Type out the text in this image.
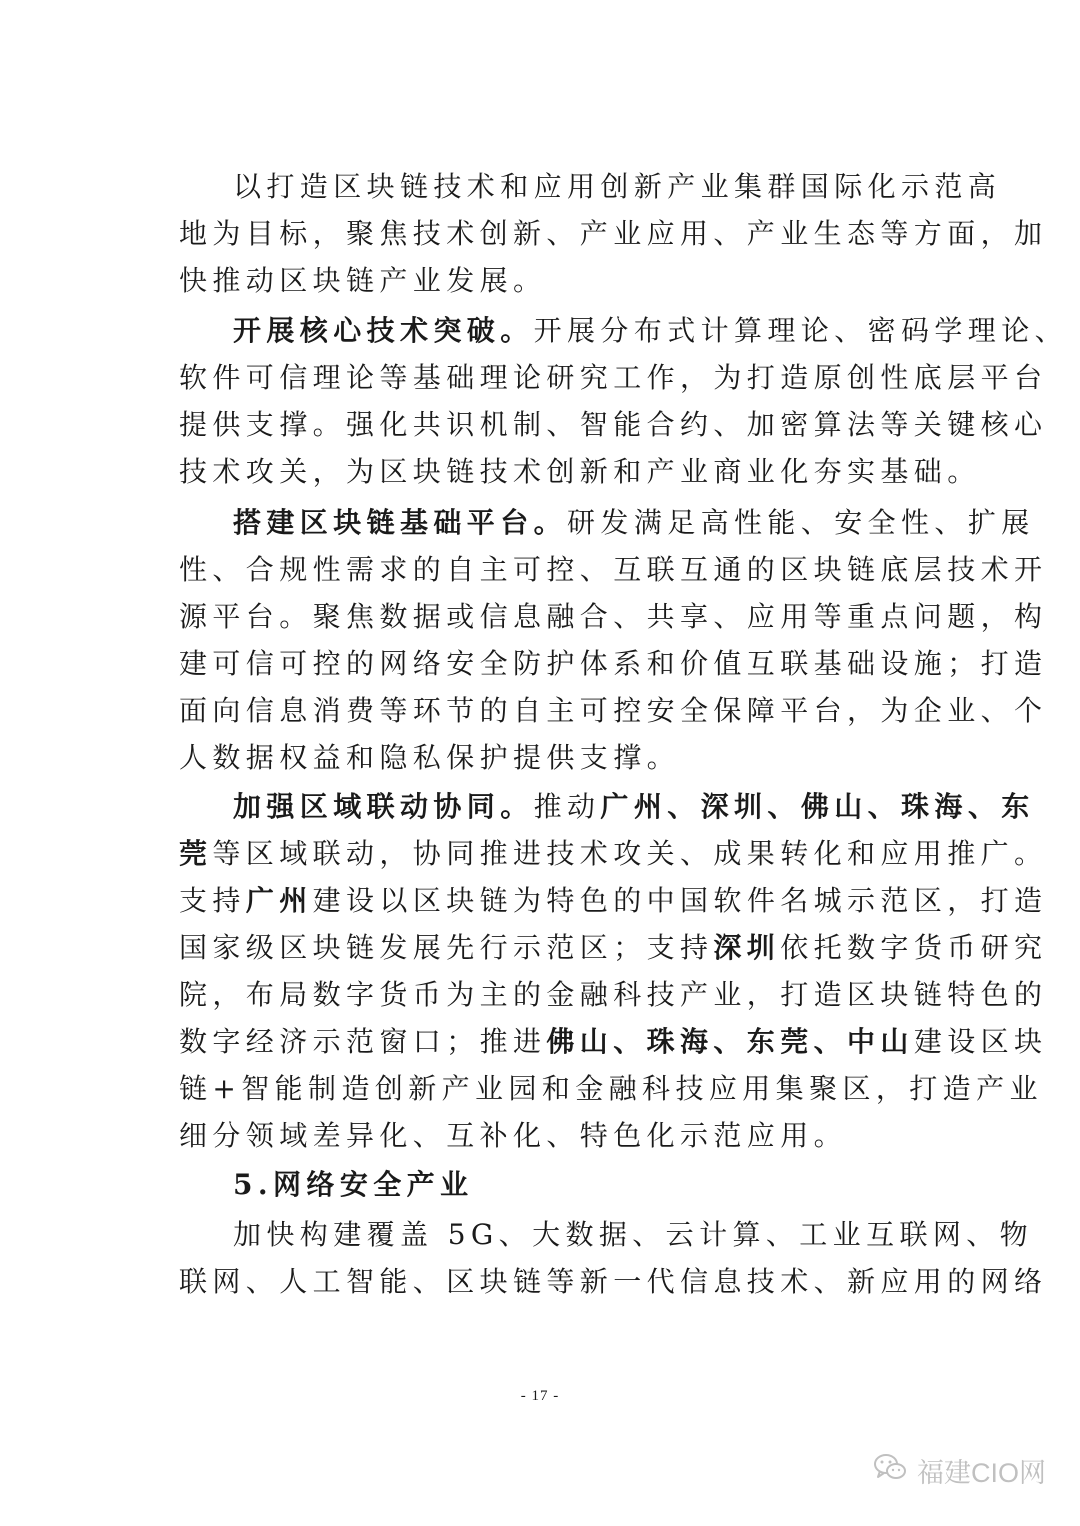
以打造区块链技术和应用创新产业集群国际化示范高
地为目标，聚焦技术创新、产业应用、产业生态等方面，加
快推动区块链产业发展。
开展核心技术突破。开展分布式计算理论、密码学理论、
软件可信理论等基础理论研究工作，为打造原创性底层平台
提供支撑。强化共识机制、智能合约、加密算法等关键核心
技术攻关，为区块链技术创新和产业商业化夯实基础。
搭建区块链基础平台。研发满足高性能、安全性、扩展
性、合规性需求的自主可控、互联互通的区块链底层技术开
源平台。聚焦数据或信息融合、共享、应用等重点问题，构
建可信可控的网络安全防护体系和价值互联基础设施；打造
面向信息消费等环节的自主可控安全保障平台，为企业、个
人数据权益和隐私保护提供支撑。
加强区域联动协同。推动广州、深圳、佛山、珠海、东
莞等区域联动，协同推进技术攻关、成果转化和应用推广。
支持广州建设以区块链为特色的中国软件名城示范区，打造
国家级区块链发展先行示范区；支持深圳依托数字货币研究
院，布局数字货币为主的金融科技产业，打造区块链特色的
数字经济示范窗口；推进佛山、珠海、东莞、中山建设区块
链+智能制造创新产业园和金融科技应用集聚区，打造产业
细分领域差异化、互补化、特色化示范应用。
5.网络安全产业
加快构建覆盖 5G、大数据、云计算、工业互联网、物
联网、人工智能、区块链等新一代信息技术、新应用的网络
- 17 -
福建CIO网
